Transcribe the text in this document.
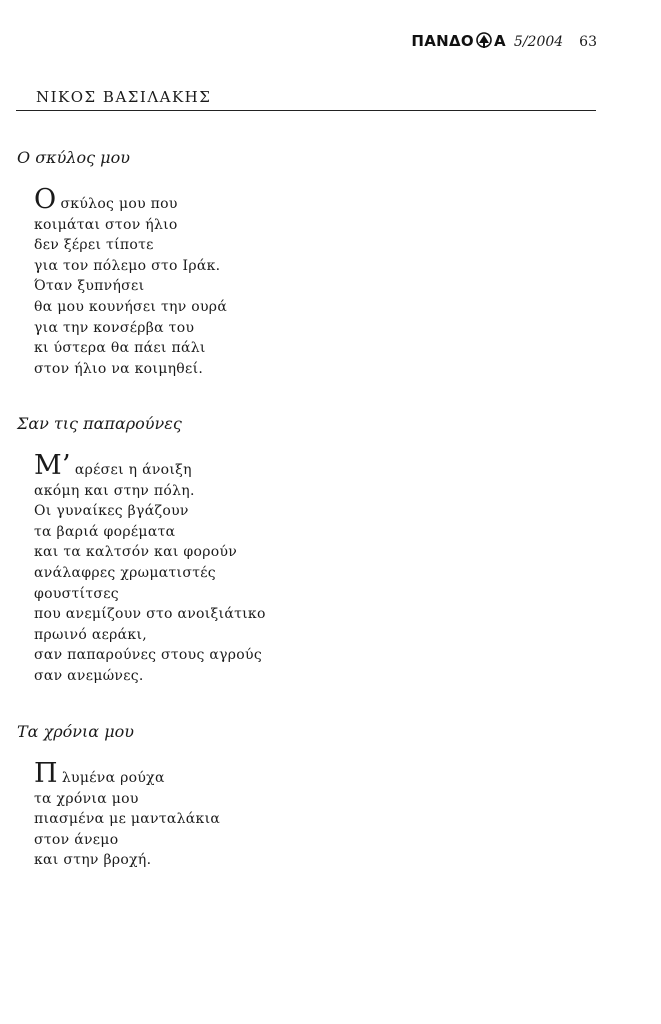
ΠΑΝΔΟ Α 5/2004 63
ΝΙΚΟΣ ΒΑΣΙΛΑΚΗΣ
Ο σκύλος μου
Οσκύλος μου που
κοιμάται στον ήλιο
δεν ξέρει τίποτε
για τον πόλεμο στο Ιράκ.
Όταν ξυπνήσει
θα μου κουνήσει την ουρά
για την κονσέρβα του
κι ύστερα θα πάει πάλι
στον ήλιο να κοιμηθεί.
Σαν τις παπαρούνες
Μ’ αρέσει η άνοιξη
ακόμη και στην πόλη.
Οι γυναίκες βγάζουν
τα βαριά φορέματα
και τα καλτσόν και φορούν
ανάλαφρες χρωματιστές
φουστίτσες
που ανεμίζουν στο ανοιξιάτικο
πρωινό αεράκι,
σαν παπαρούνες στους αγρούς
σαν ανεμώνες.
Τα χρόνια μου
Πλυμένα ρούχα
τα χρόνια μου
πιασμένα με μανταλάκια
στον άνεμο
και στην βροχή.
